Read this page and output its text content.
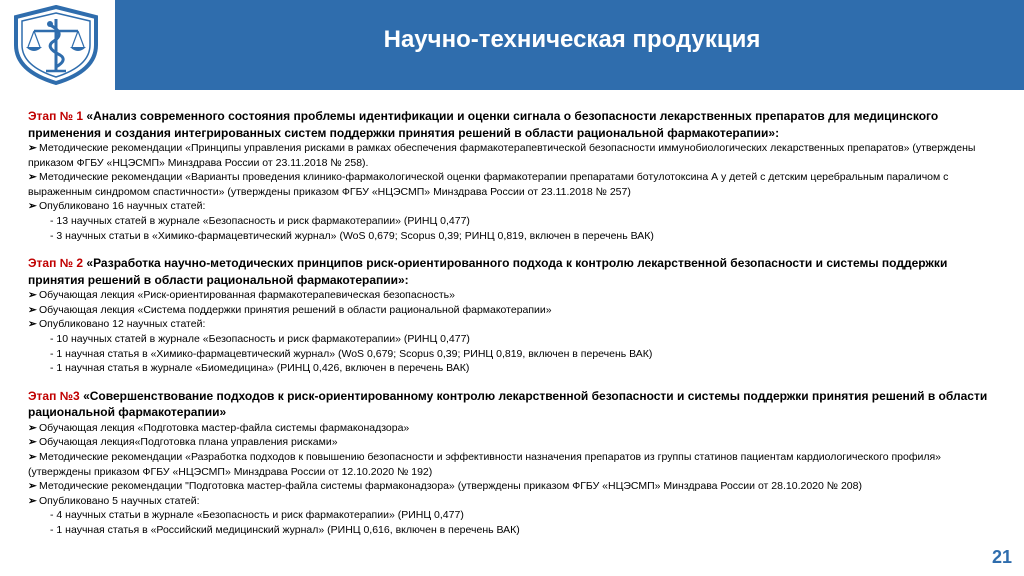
Научно-техническая продукция
Этап № 1 «Анализ современного состояния проблемы идентификации и оценки сигнала о безопасности лекарственных препаратов для медицинского применения и создания интегрированных систем поддержки принятия решений в области рациональной фармакотерапии»:
➢ Методические рекомендации «Принципы управления рисками в рамках обеспечения фармакотерапевтической безопасности иммунобиологических лекарственных препаратов» (утверждены приказом ФГБУ «НЦЭСМП» Минздрава России от 23.11.2018 № 258).
➢ Методические рекомендации «Варианты проведения клинико-фармакологической оценки фармакотерапии препаратами ботулотоксина А у детей с детским церебральным параличом с выраженным синдромом спастичности» (утверждены приказом ФГБУ «НЦЭСМП» Минздрава России от 23.11.2018 № 257)
➢ Опубликовано 16 научных статей:
- 13 научных статей в журнале «Безопасность и риск фармакотерапии» (РИНЦ 0,477)
- 3 научных статьи в «Химико-фармацевтический журнал» (WoS 0,679; Scopus 0,39; РИНЦ 0,819, включен в перечень ВАК)
Этап № 2 «Разработка научно-методических принципов риск-ориентированного подхода к контролю лекарственной безопасности и системы поддержки принятия решений в области рациональной фармакотерапии»:
➢ Обучающая лекция «Риск-ориентированная фармакотерапевическая безопасность»
➢ Обучающая лекция «Система поддержки принятия решений в области рациональной фармакотерапии»
➢ Опубликовано 12 научных статей:
- 10 научных статей в журнале «Безопасность и риск фармакотерапии» (РИНЦ 0,477)
- 1 научная статья в «Химико-фармацевтический журнал» (WoS 0,679; Scopus 0,39; РИНЦ 0,819, включен в перечень ВАК)
- 1 научная статья в журнале «Биомедицина» (РИНЦ 0,426, включен в перечень ВАК)
Этап №3 «Совершенствование подходов к риск-ориентированному контролю лекарственной безопасности и системы поддержки принятия решений в области рациональной фармакотерапии»
➢ Обучающая лекция «Подготовка мастер-файла системы фармаконадзора»
➢ Обучающая лекция«Подготовка плана управления рисками»
➢ Методические рекомендации «Разработка подходов к повышению безопасности и эффективности назначения препаратов из группы статинов пациентам кардиологического профиля» (утверждены приказом ФГБУ «НЦЭСМП» Минздрава России от 12.10.2020 № 192)
➢ Методические рекомендации "Подготовка мастер-файла системы фармаконадзора» (утверждены приказом ФГБУ «НЦЭСМП» Минздрава России от 28.10.2020 № 208)
➢ Опубликовано 5 научных статей:
- 4 научных статьи в журнале «Безопасность и риск фармакотерапии» (РИНЦ 0,477)
- 1 научная статья в «Российский медицинский журнал» (РИНЦ 0,616, включен в перечень ВАК)
21
